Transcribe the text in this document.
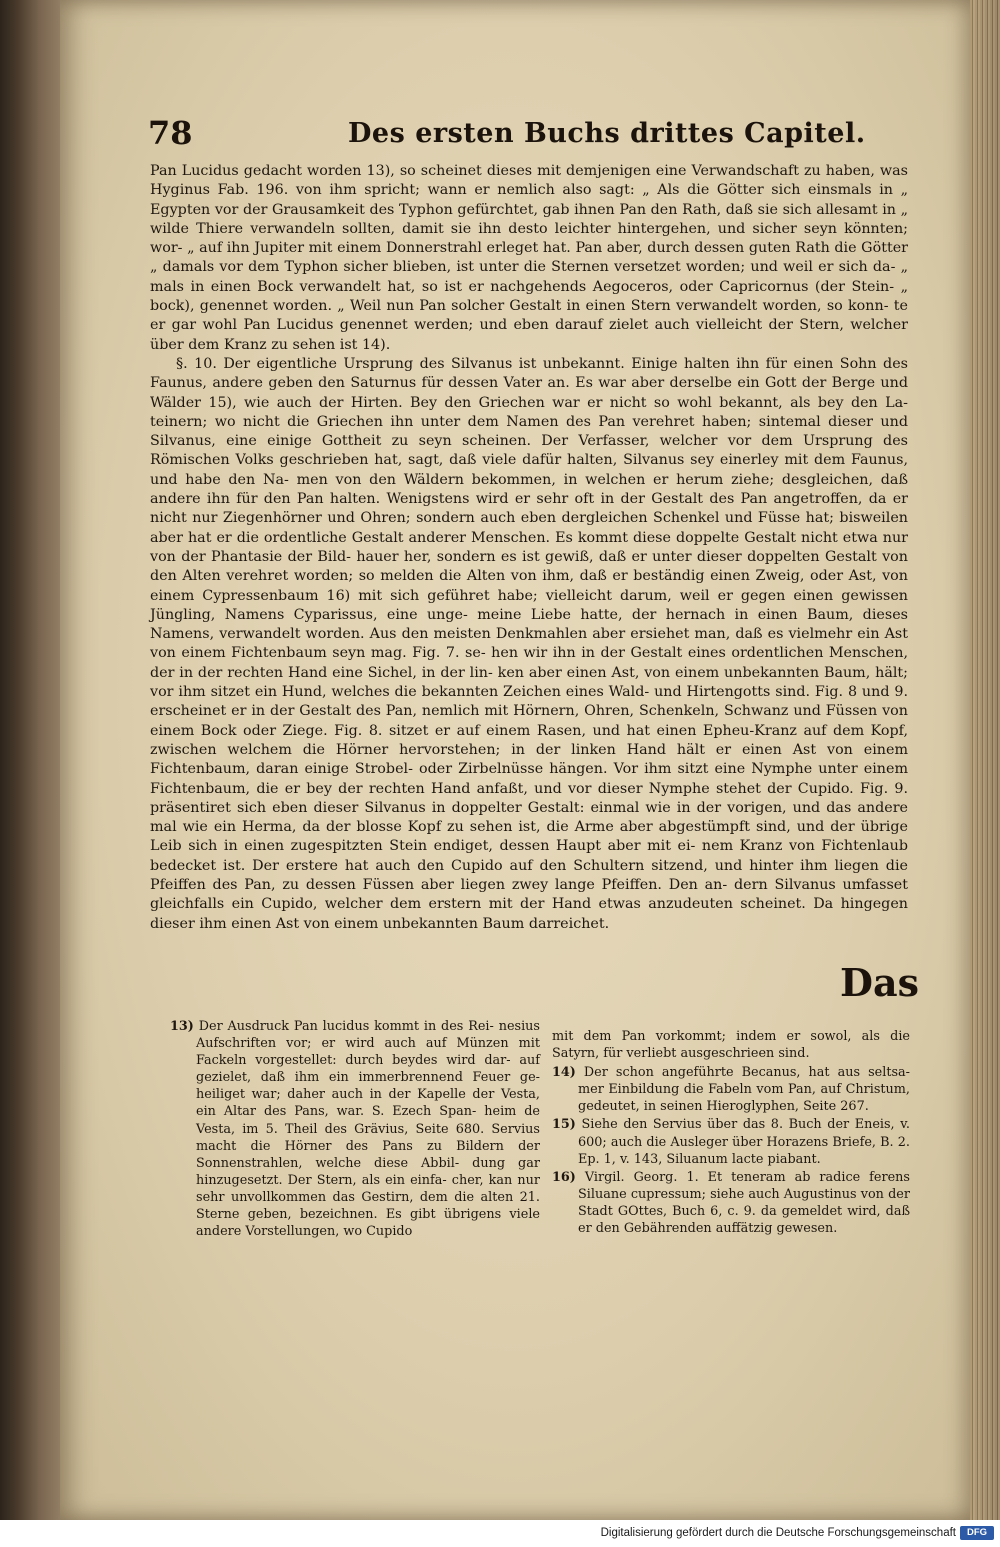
78	Des ersten Buchs drittes Capitel.

Pan Lucidus gedacht worden 13), so scheinet dieses mit demjenigen eine Verwandschaft zu haben, was Hyginus Fab. 196. von ihm spricht; wann er nemlich also sagt: „ Als die Götter sich einsmals in „ Egypten vor der Grausamkeit des Typhon gefürchtet, gab ihnen Pan den Rath, daß sie sich allesamt in „ wilde Thiere verwandeln sollten, damit sie ihn desto leichter hintergehen, und sicher seyn könnten; wor- „ auf ihn Jupiter mit einem Donnerstrahl erleget hat. Pan aber, durch dessen guten Rath die Götter „ damals vor dem Typhon sicher blieben, ist unter die Sternen versetzet worden; und weil er sich da- „ mals in einen Bock verwandelt hat, so ist er nachgehends Aegoceros, oder Capricornus (der Stein- „ bock), genennet worden. „ Weil nun Pan solcher Gestalt in einen Stern verwandelt worden, so konn- te er gar wohl Pan Lucidus genennet werden; und eben darauf zielet auch vielleicht der Stern, welcher über dem Kranz zu sehen ist 14).

§. 10. Der eigentliche Ursprung des Silvanus ist unbekannt. Einige halten ihn für einen Sohn des Faunus, andere geben den Saturnus für dessen Vater an. Es war aber derselbe ein Gott der Berge und Wälder 15), wie auch der Hirten. Bey den Griechen war er nicht so wohl bekannt, als bey den La- teinern; wo nicht die Griechen ihn unter dem Namen des Pan verehret haben; sintemal dieser und Silvanus, eine einige Gottheit zu seyn scheinen. Der Verfasser, welcher vor dem Ursprung des Römischen Volks geschrieben hat, sagt, daß viele dafür halten, Silvanus sey einerley mit dem Faunus, und habe den Na- men von den Wäldern bekommen, in welchen er herum ziehe; desgleichen, daß andere ihn für den Pan halten. Wenigstens wird er sehr oft in der Gestalt des Pan angetroffen, da er nicht nur Ziegenhörner und Ohren; sondern auch eben dergleichen Schenkel und Füsse hat; bisweilen aber hat er die ordentliche Gestalt anderer Menschen. Es kommt diese doppelte Gestalt nicht etwa nur von der Phantasie der Bild- hauer her, sondern es ist gewiß, daß er unter dieser doppelten Gestalt von den Alten verehret worden; so melden die Alten von ihm, daß er beständig einen Zweig, oder Ast, von einem Cypressenbaum 16) mit sich geführet habe; vielleicht darum, weil er gegen einen gewissen Jüngling, Namens Cyparissus, eine unge- meine Liebe hatte, der hernach in einen Baum, dieses Namens, verwandelt worden. Aus den meisten Denkmahlen aber ersiehet man, daß es vielmehr ein Ast von einem Fichtenbaum seyn mag. Fig. 7. se- hen wir ihn in der Gestalt eines ordentlichen Menschen, der in der rechten Hand eine Sichel, in der lin- ken aber einen Ast, von einem unbekannten Baum, hält; vor ihm sitzet ein Hund, welches die bekannten Zeichen eines Wald- und Hirtengotts sind. Fig. 8 und 9. erscheinet er in der Gestalt des Pan, nemlich mit Hörnern, Ohren, Schenkeln, Schwanz und Füssen von einem Bock oder Ziege. Fig. 8. sitzet er auf einem Rasen, und hat einen Epheu-Kranz auf dem Kopf, zwischen welchem die Hörner hervorstehen; in der linken Hand hält er einen Ast von einem Fichtenbaum, daran einige Strobel- oder Zirbelnüsse hängen. Vor ihm sitzt eine Nymphe unter einem Fichtenbaum, die er bey der rechten Hand anfaßt, und vor dieser Nymphe stehet der Cupido. Fig. 9. präsentiret sich eben dieser Silvanus in doppelter Gestalt: einmal wie in der vorigen, und das andere mal wie ein Herma, da der blosse Kopf zu sehen ist, die Arme aber abgestümpft sind, und der übrige Leib sich in einen zugespitzten Stein endiget, dessen Haupt aber mit ei- nem Kranz von Fichtenlaub bedecket ist. Der erstere hat auch den Cupido auf den Schultern sitzend, und hinter ihm liegen die Pfeiffen des Pan, zu dessen Füssen aber liegen zwey lange Pfeiffen. Den an- dern Silvanus umfasset gleichfalls ein Cupido, welcher dem erstern mit der Hand etwas anzudeuten scheinet. Da hingegen dieser ihm einen Ast von einem unbekannten Baum darreichet.

Das

13) Der Ausdruck Pan lucidus kommt in des Rei- nesius Aufschriften vor; er wird auch auf Münzen mit Fackeln vorgestellet: durch beydes wird dar- auf gezielet, daß ihm ein immerbrennend Feuer ge- heiliget war; daher auch in der Kapelle der Vesta, ein Altar des Pans, war. S. Ezech Span- heim de Vesta, im 5. Theil des Grävius, Seite 680. Servius macht die Hörner des Pans zu Bildern der Sonnenstrahlen, welche diese Abbil- dung gar hinzugesetzt. Der Stern, als ein einfa- cher, kan nur sehr unvollkommen das Gestirn, dem die alten 21. Sterne geben, bezeichnen. Es gibt übrigens viele andere Vorstellungen, wo Cupido

mit dem Pan vorkommt; indem er sowol, als die Satyrn, für verliebt ausgeschrieen sind.

14) Der schon angeführte Becanus, hat aus seltsa- mer Einbildung die Fabeln vom Pan, auf Christum, gedeutet, in seinen Hieroglyphen, Seite 267.

15) Siehe den Servius über das 8. Buch der Eneis, v. 600; auch die Ausleger über Horazens Briefe, B. 2. Ep. 1, v. 143, Siluanum lacte piabant.

16) Virgil. Georg. 1. Et teneram ab radice ferens Siluane cupressum; siehe auch Augustinus von der Stadt GOttes, Buch 6, c. 9. da gemeldet wird, daß er den Gebährenden auffätzig gewesen.

Digitalisierung gefördert durch die Deutsche Forschungsgemeinschaft	DFG
